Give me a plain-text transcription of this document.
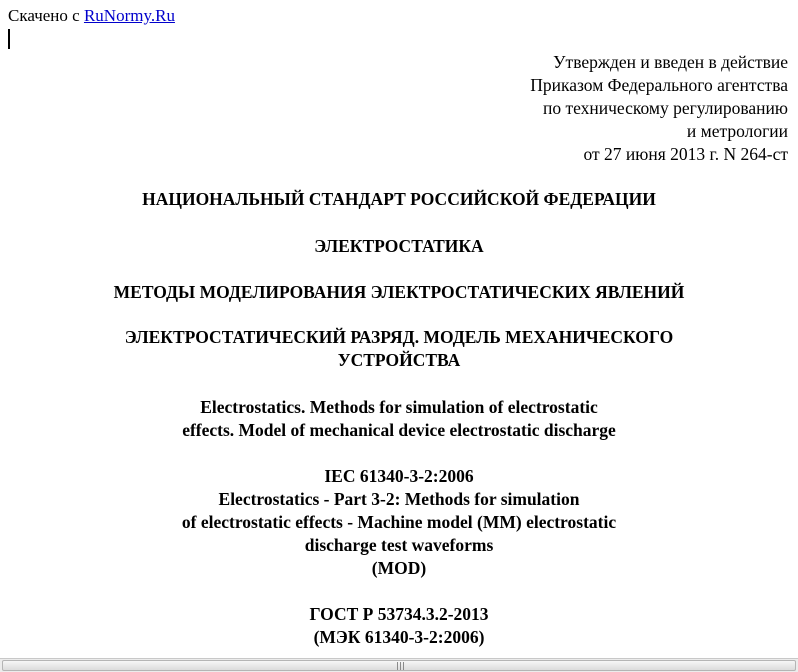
Скачено с RuNormy.Ru
Утвержден и введен в действие
Приказом Федерального агентства
по техническому регулированию
и метрологии
от 27 июня 2013 г. N 264-ст
НАЦИОНАЛЬНЫЙ СТАНДАРТ РОССИЙСКОЙ ФЕДЕРАЦИИ
ЭЛЕКТРОСТАТИКА
МЕТОДЫ МОДЕЛИРОВАНИЯ ЭЛЕКТРОСТАТИЧЕСКИХ ЯВЛЕНИЙ
ЭЛЕКТРОСТАТИЧЕСКИЙ РАЗРЯД. МОДЕЛЬ МЕХАНИЧЕСКОГО
УСТРОЙСТВА
Electrostatics. Methods for simulation of electrostatic
effects. Model of mechanical device electrostatic discharge
IEC 61340-3-2:2006
Electrostatics - Part 3-2: Methods for simulation
of electrostatic effects - Machine model (MM) electrostatic
discharge test waveforms
(MOD)
ГОСТ Р 53734.3.2-2013
(МЭК 61340-3-2:2006)
